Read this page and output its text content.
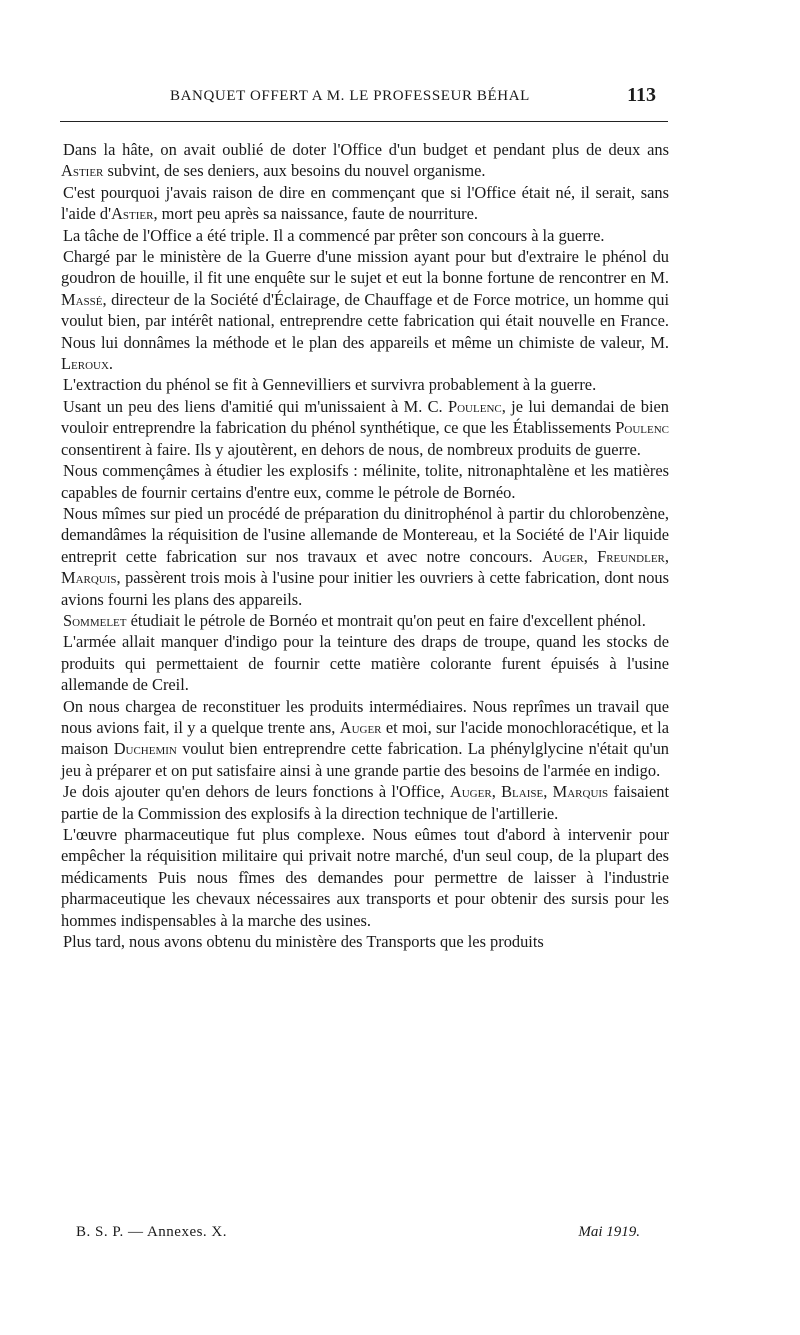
BANQUET OFFERT A M. LE PROFESSEUR BÉHAL	113

Dans la hâte, on avait oublié de doter l'Office d'un budget et pendant plus de deux ans Astier subvint, de ses deniers, aux besoins du nouvel organisme.

C'est pourquoi j'avais raison de dire en commençant que si l'Office était né, il serait, sans l'aide d'Astier, mort peu après sa naissance, faute de nourriture.

La tâche de l'Office a été triple. Il a commencé par prêter son concours à la guerre.

Chargé par le ministère de la Guerre d'une mission ayant pour but d'extraire le phénol du goudron de houille, il fit une enquête sur le sujet et eut la bonne fortune de rencontrer en M. Massé, directeur de la Société d'Éclairage, de Chauffage et de Force motrice, un homme qui voulut bien, par intérêt national, entreprendre cette fabrication qui était nouvelle en France. Nous lui donnâmes la méthode et le plan des appareils et même un chimiste de valeur, M. Leroux.

L'extraction du phénol se fit à Gennevilliers et survivra probablement à la guerre.

Usant un peu des liens d'amitié qui m'unissaient à M. C. Poulenc, je lui demandai de bien vouloir entreprendre la fabrication du phénol synthétique, ce que les Établissements Poulenc consentirent à faire. Ils y ajoutèrent, en dehors de nous, de nombreux produits de guerre.

Nous commençâmes à étudier les explosifs : mélinite, tolite, nitronaphtalène et les matières capables de fournir certains d'entre eux, comme le pétrole de Bornéo.

Nous mîmes sur pied un procédé de préparation du dinitrophénol à partir du chlorobenzène, demandâmes la réquisition de l'usine allemande de Montereau, et la Société de l'Air liquide entreprit cette fabrication sur nos travaux et avec notre concours. Auger, Freundler, Marquis, passèrent trois mois à l'usine pour initier les ouvriers à cette fabrication, dont nous avions fourni les plans des appareils.

Sommelet étudiait le pétrole de Bornéo et montrait qu'on peut en faire d'excellent phénol.

L'armée allait manquer d'indigo pour la teinture des draps de troupe, quand les stocks de produits qui permettaient de fournir cette matière colorante furent épuisés à l'usine allemande de Creil.

On nous chargea de reconstituer les produits intermédiaires. Nous reprîmes un travail que nous avions fait, il y a quelque trente ans, Auger et moi, sur l'acide monochloracétique, et la maison Duchemin voulut bien entreprendre cette fabrication. La phénylglycine n'était qu'un jeu à préparer et on put satisfaire ainsi à une grande partie des besoins de l'armée en indigo.

Je dois ajouter qu'en dehors de leurs fonctions à l'Office, Auger, Blaise, Marquis faisaient partie de la Commission des explosifs à la direction technique de l'artillerie.

L'œuvre pharmaceutique fut plus complexe. Nous eûmes tout d'abord à intervenir pour empêcher la réquisition militaire qui privait notre marché, d'un seul coup, de la plupart des médicaments Puis nous fîmes des demandes pour permettre de laisser à l'industrie pharmaceutique les chevaux nécessaires aux transports et pour obtenir des sursis pour les hommes indispensables à la marche des usines.

Plus tard, nous avons obtenu du ministère des Transports que les produits

B. S. P. — Annexes. X.	Mai 1919.
